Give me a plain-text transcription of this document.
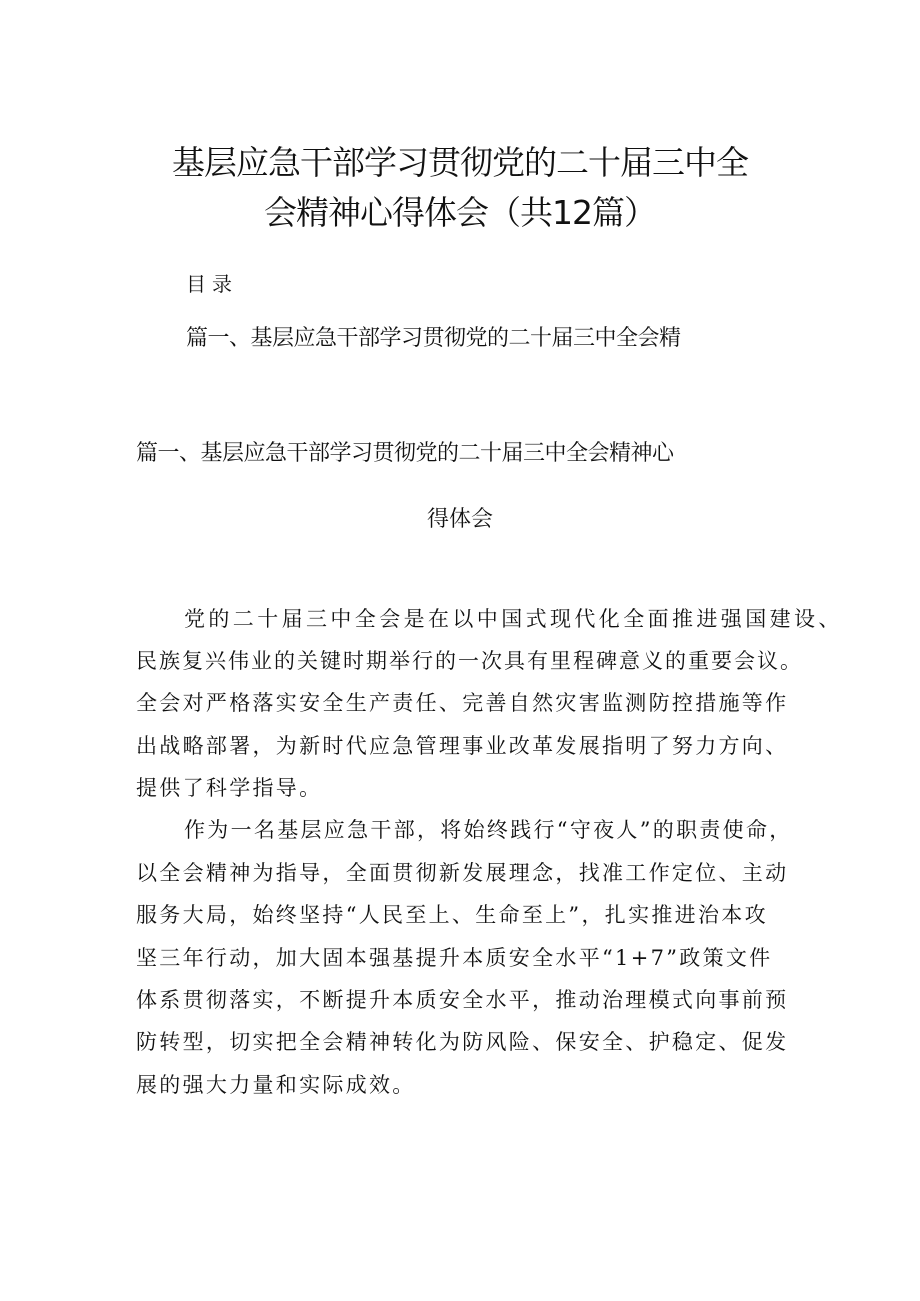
基层应急干部学习贯彻党的二十届三中全
会精神心得体会（共12篇）
目录
篇一、基层应急干部学习贯彻党的二十届三中全会精
篇一、基层应急干部学习贯彻党的二十届三中全会精神心
得体会
党的二十届三中全会是在以中国式现代化全面推进强国建设、
民族复兴伟业的关键时期举行的一次具有里程碑意义的重要会议。
全会对严格落实安全生产责任、完善自然灾害监测防控措施等作
出战略部署，为新时代应急管理事业改革发展指明了努力方向、
提供了科学指导。
作为一名基层应急干部，将始终践行“守夜人”的职责使命，
以全会精神为指导，全面贯彻新发展理念，找准工作定位、主动
服务大局，始终坚持“人民至上、生命至上”，扎实推进治本攻
坚三年行动，加大固本强基提升本质安全水平“1+7”政策文件
体系贯彻落实，不断提升本质安全水平，推动治理模式向事前预
防转型，切实把全会精神转化为防风险、保安全、护稳定、促发
展的强大力量和实际成效。
